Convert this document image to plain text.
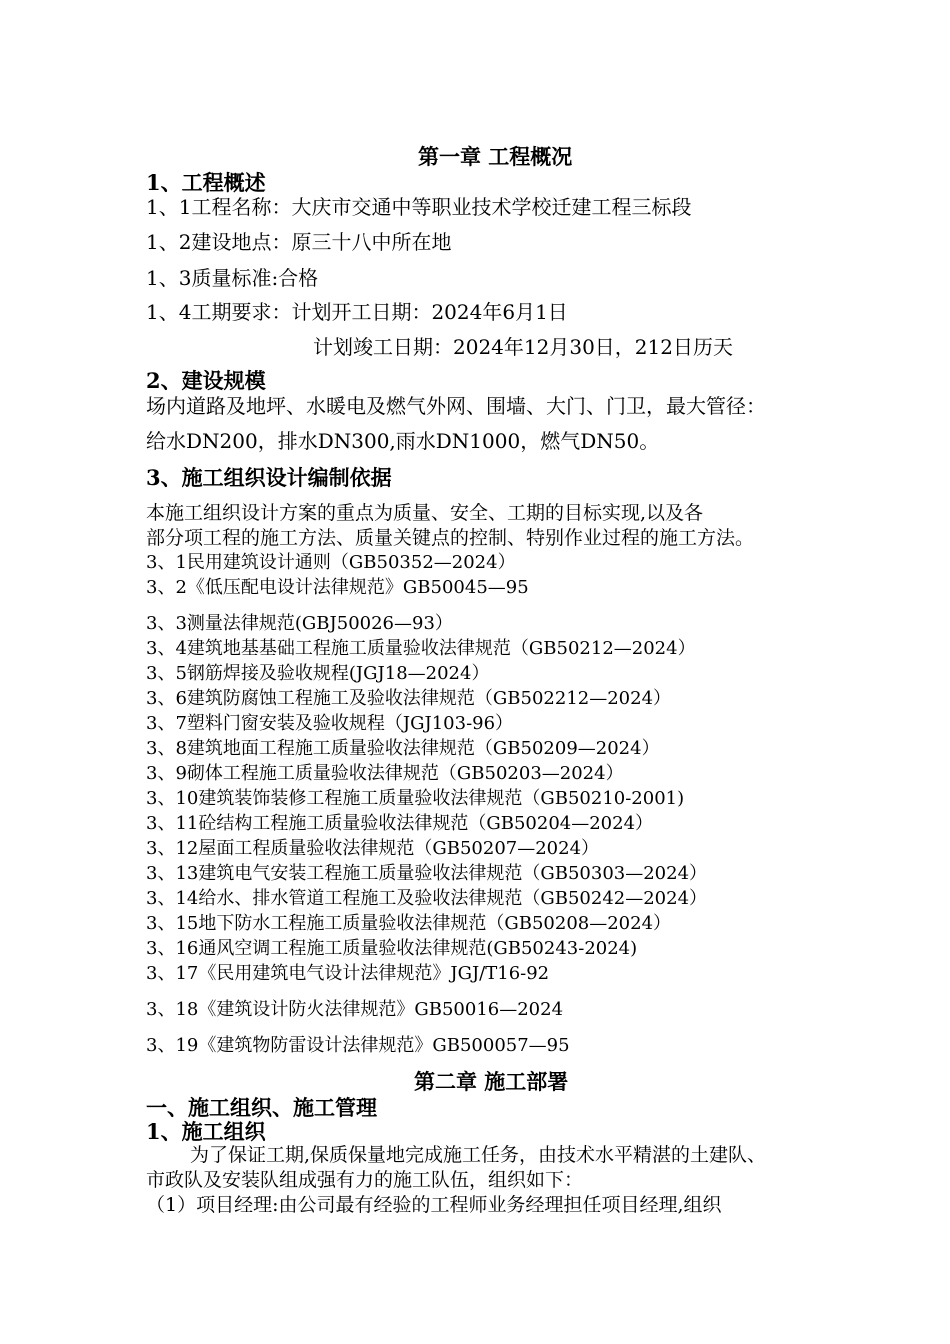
第一章 工程概况
1、工程概述
1、1工程名称：大庆市交通中等职业技术学校迁建工程三标段
1、2建设地点：原三十八中所在地
1、3质量标准:合格
1、4工期要求：计划开工日期：2024年6月1日
计划竣工日期：2024年12月30日，212日历天
2、建设规模
场内道路及地坪、水暖电及燃气外网、围墙、大门、门卫，最大管径：
给水DN200，排水DN300,雨水DN1000，燃气DN50。
3、施工组织设计编制依据
本施工组织设计方案的重点为质量、安全、工期的目标实现,以及各
部分项工程的施工方法、质量关键点的控制、特别作业过程的施工方法。
3、1民用建筑设计通则（GB50352—2024）
3、2《低压配电设计法律规范》GB50045—95
3、3测量法律规范(GBJ50026—93）
3、4建筑地基基础工程施工质量验收法律规范（GB50212—2024）
3、5钢筋焊接及验收规程(JGJ18—2024）
3、6建筑防腐蚀工程施工及验收法律规范（GB502212—2024）
3、7塑料门窗安装及验收规程（JGJ103-96）
3、8建筑地面工程施工质量验收法律规范（GB50209—2024）
3、9砌体工程施工质量验收法律规范（GB50203—2024）
3、10建筑装饰装修工程施工质量验收法律规范（GB50210-2001)
3、11砼结构工程施工质量验收法律规范（GB50204—2024）
3、12屋面工程质量验收法律规范（GB50207—2024）
3、13建筑电气安装工程施工质量验收法律规范（GB50303—2024）
3、14给水、排水管道工程施工及验收法律规范（GB50242—2024）
3、15地下防水工程施工质量验收法律规范（GB50208—2024）
3、16通风空调工程施工质量验收法律规范(GB50243-2024)
3、17《民用建筑电气设计法律规范》JGJ/T16-92
3、18《建筑设计防火法律规范》GB50016—2024
3、19《建筑物防雷设计法律规范》GB500057—95
第二章 施工部署
一、施工组织、施工管理
1、施工组织
为了保证工期,保质保量地完成施工任务，由技术水平精湛的土建队、
市政队及安装队组成强有力的施工队伍，组织如下：
（1）项目经理:由公司最有经验的工程师业务经理担任项目经理,组织
